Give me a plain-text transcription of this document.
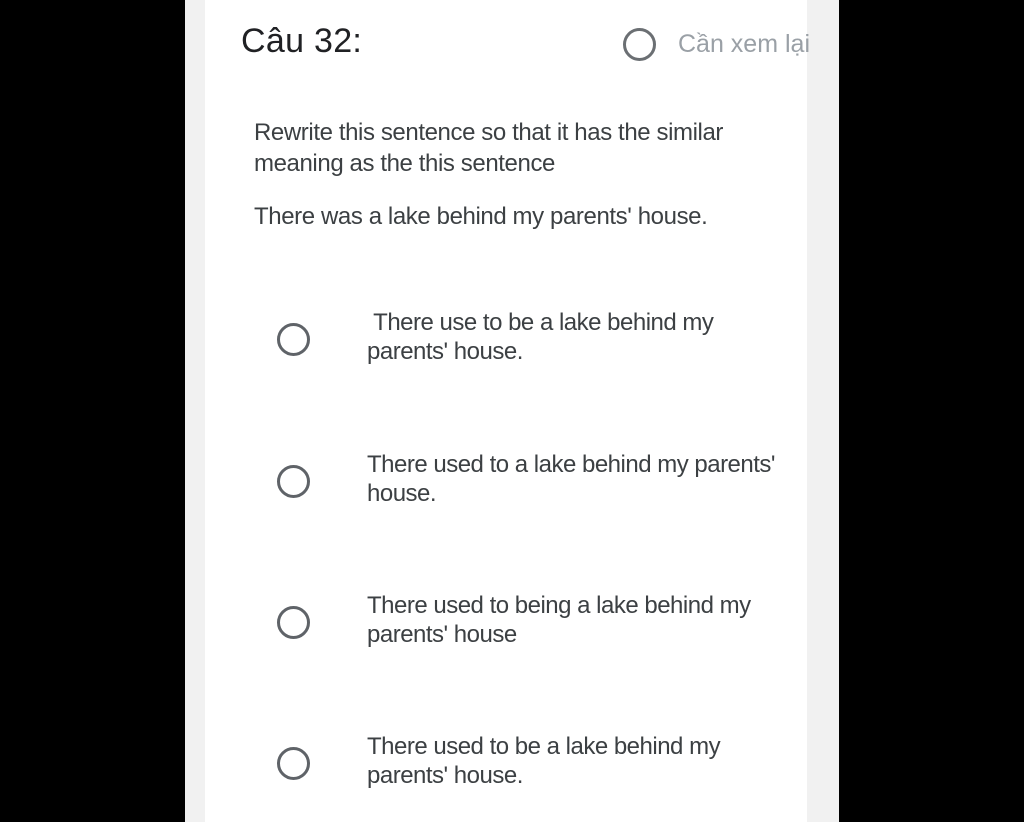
Câu 32:	Cần xem lại
Rewrite this sentence so that it has the similar meaning as the this sentence
There was a lake behind my parents' house.
There use to be a lake behind my parents' house.
There used to a lake behind my parents' house.
There used to being a lake behind my parents' house
There used to be a lake behind my parents' house.
